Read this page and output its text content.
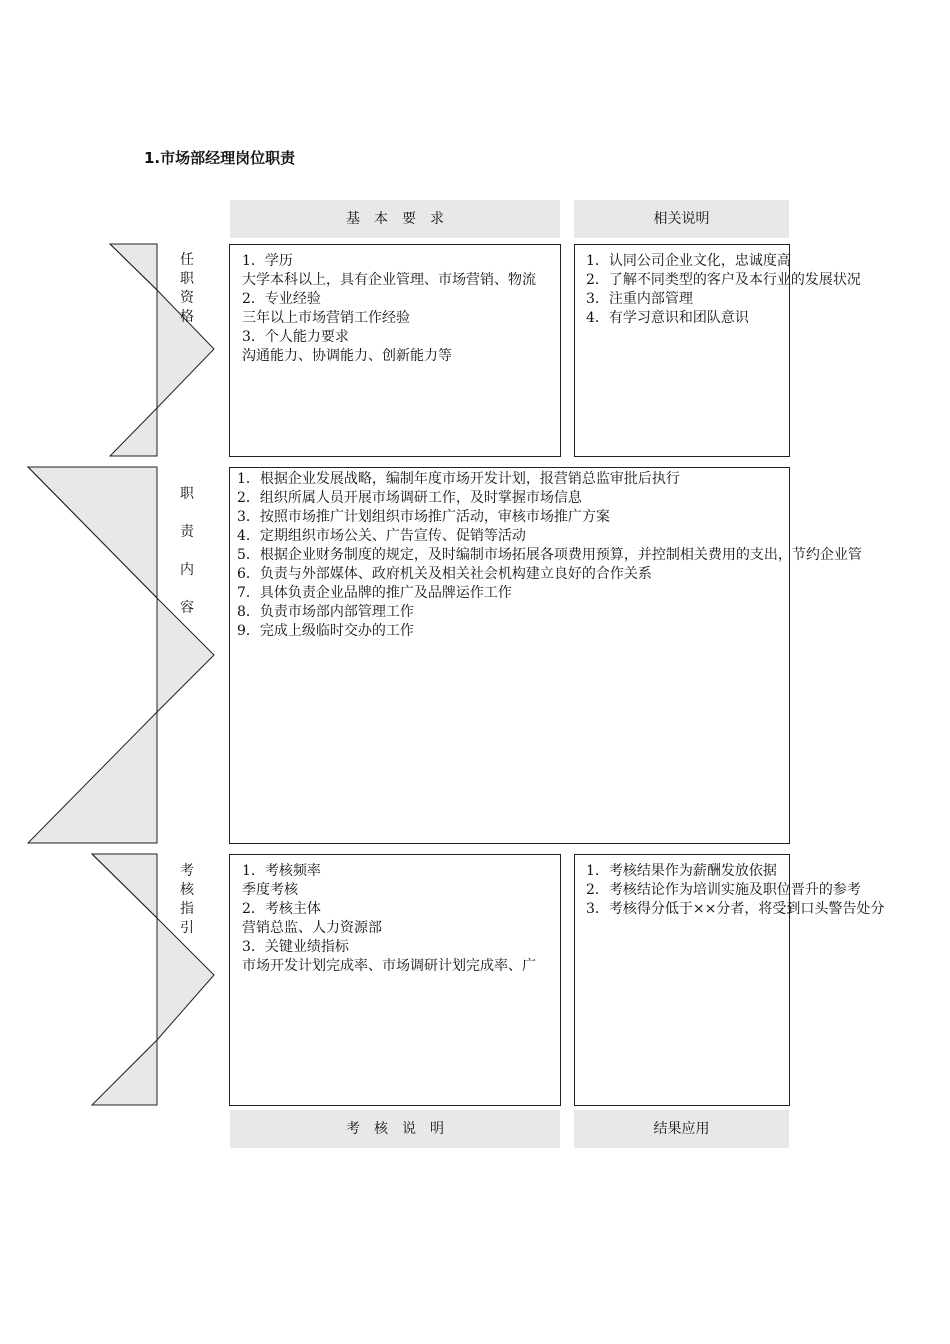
1.市场部经理岗位职责
基　本　要　求	相关说明
任
职
资
格
1．学历
大学本科以上，具有企业管理、市场营销、物流
2．专业经验
三年以上市场营销工作经验
3．个人能力要求
沟通能力、协调能力、创新能力等
1．认同公司企业文化，忠诚度高
2．了解不同类型的客户及本行业的发展状况
3．注重内部管理
4．有学习意识和团队意识
职
责
内
容
1．根据企业发展战略，编制年度市场开发计划，报营销总监审批后执行
2．组织所属人员开展市场调研工作，及时掌握市场信息
3．按照市场推广计划组织市场推广活动，审核市场推广方案
4．定期组织市场公关、广告宣传、促销等活动
5．根据企业财务制度的规定，及时编制市场拓展各项费用预算，并控制相关费用的支出，节约企业管
6．负责与外部媒体、政府机关及相关社会机构建立良好的合作关系
7．具体负责企业品牌的推广及品牌运作工作
8．负责市场部内部管理工作
9．完成上级临时交办的工作
考
核
指
引
1．考核频率
季度考核
2．考核主体
营销总监、人力资源部
3．关键业绩指标
市场开发计划完成率、市场调研计划完成率、广
1．考核结果作为薪酬发放依据
2．考核结论作为培训实施及职位晋升的参考
3．考核得分低于××分者，将受到口头警告处分
考　核　说　明	结果应用
